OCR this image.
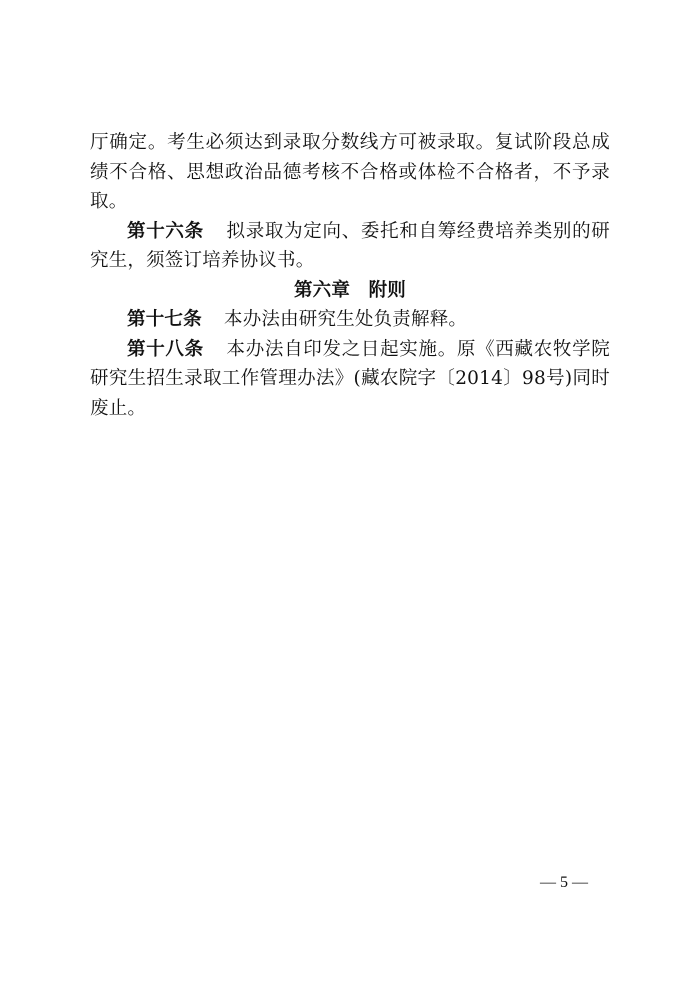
厅确定。考生必须达到录取分数线方可被录取。复试阶段总成绩不合格、思想政治品德考核不合格或体检不合格者，不予录取。

第十六条 拟录取为定向、委托和自筹经费培养类别的研究生，须签订培养协议书。

第六章 附则

第十七条 本办法由研究生处负责解释。

第十八条 本办法自印发之日起实施。原《西藏农牧学院研究生招生录取工作管理办法》(藏农院字〔2014〕98号)同时废止。

— 5 —
